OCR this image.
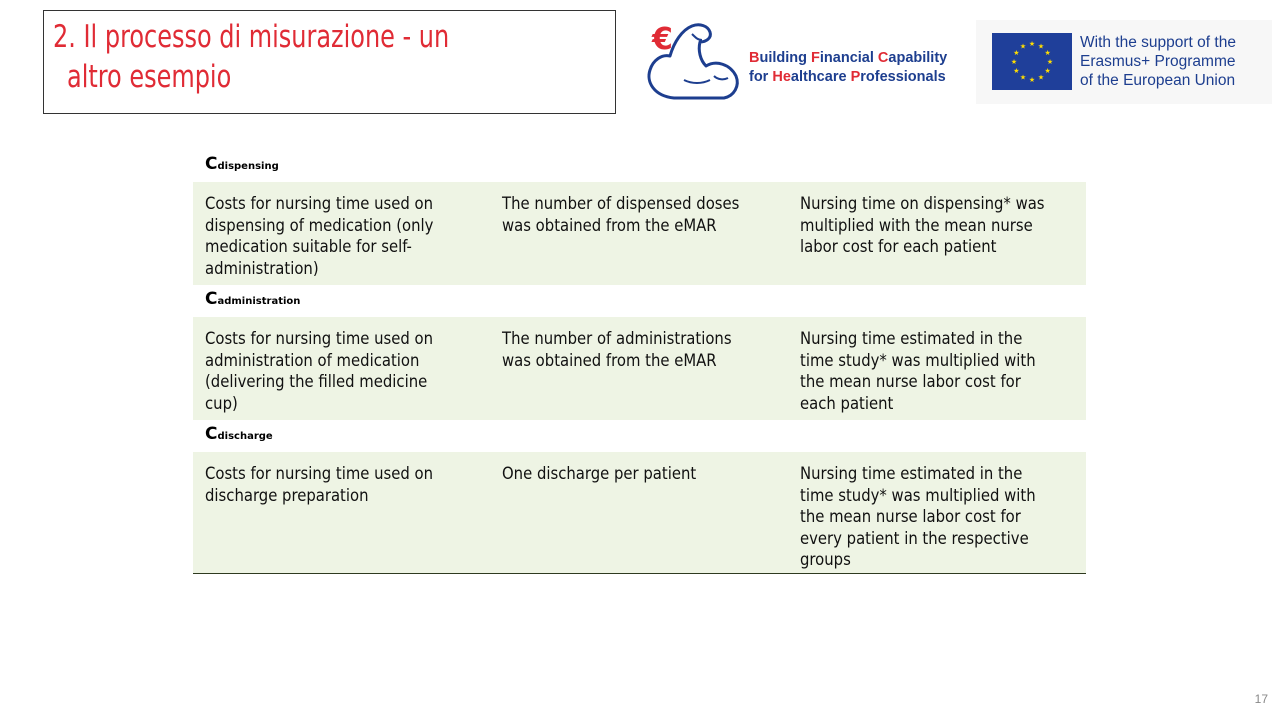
2. Il processo di misurazione - un
altro esempio
€
Building Financial Capability
for Healthcare Professionals
★ ★
★
★
★
★
★
★
★
★
★
★	With the support of the
Erasmus+ Programme
of the European Union
Cdispensing
Costs for nursing time used on
dispensing of medication (only
medication suitable for self-
administration)
The number of dispensed doses
was obtained from the eMAR
Nursing time on dispensing* was
multiplied with the mean nurse
labor cost for each patient
Cadministration
Costs for nursing time used on
administration of medication
(delivering the filled medicine
cup)
The number of administrations
was obtained from the eMAR
Nursing time estimated in the
time study* was multiplied with
the mean nurse labor cost for
each patient
Cdischarge
Costs for nursing time used on
discharge preparation
One discharge per patient	Nursing time estimated in the
time study* was multiplied with
the mean nurse labor cost for
every patient in the respective
groups
17
